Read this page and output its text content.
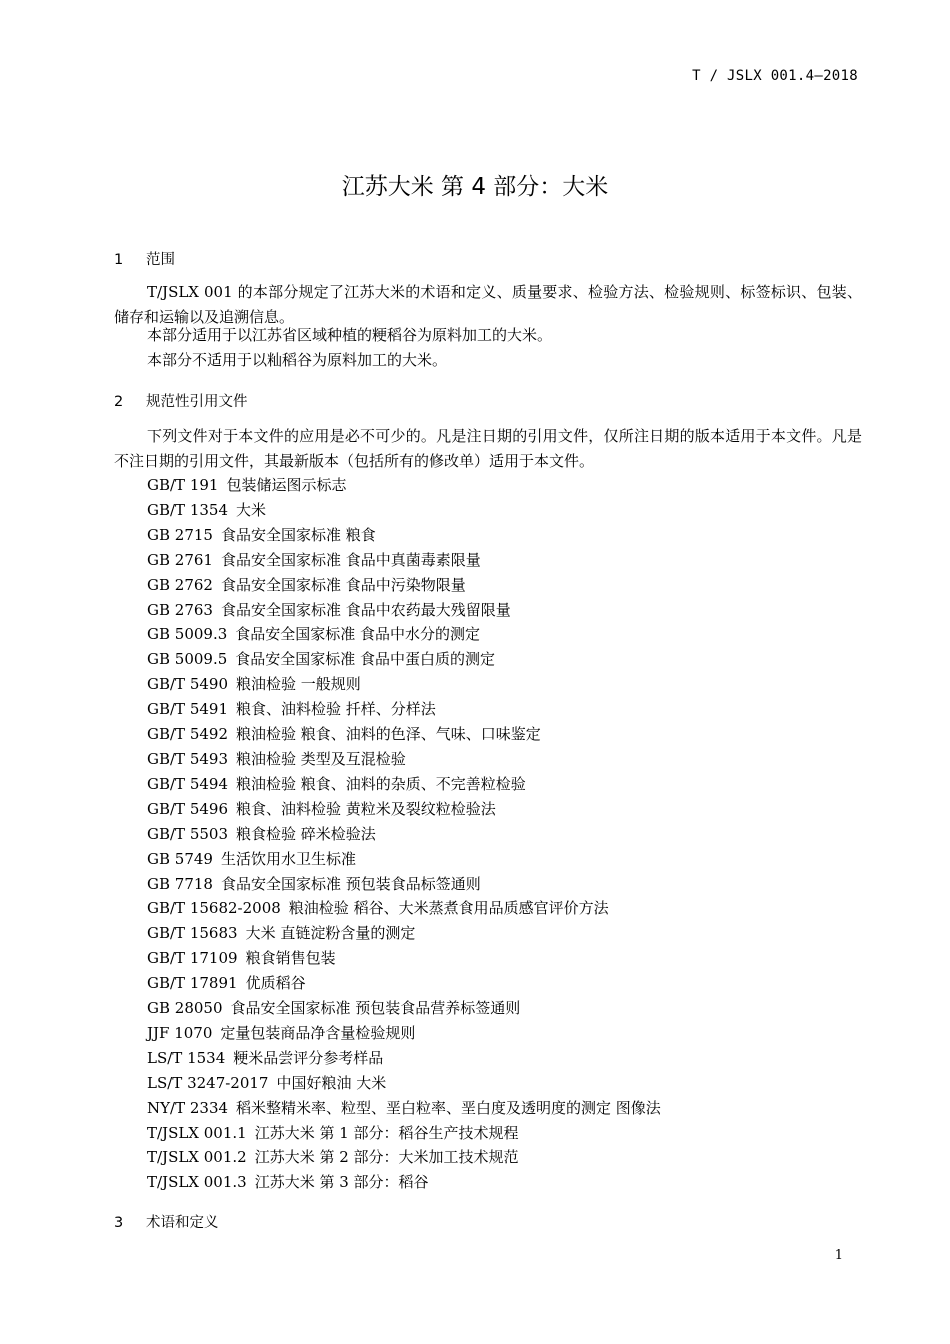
T / JSLX 001.4—2018
江苏大米 第 4 部分：大米
1 范围

T/JSLX 001 的本部分规定了江苏大米的术语和定义、质量要求、检验方法、检验规则、标签标识、包装、储存和运输以及追溯信息。

本部分适用于以江苏省区域种植的粳稻谷为原料加工的大米。

本部分不适用于以籼稻谷为原料加工的大米。

2 规范性引用文件

下列文件对于本文件的应用是必不可少的。凡是注日期的引用文件，仅所注日期的版本适用于本文件。凡是不注日期的引用文件，其最新版本（包括所有的修改单）适用于本文件。

GB/T 191 包装储运图示标志
GB/T 1354 大米
GB 2715 食品安全国家标准 粮食
GB 2761 食品安全国家标准 食品中真菌毒素限量
GB 2762 食品安全国家标准 食品中污染物限量
GB 2763 食品安全国家标准 食品中农药最大残留限量
GB 5009.3 食品安全国家标准 食品中水分的测定
GB 5009.5 食品安全国家标准 食品中蛋白质的测定
GB/T 5490 粮油检验 一般规则
GB/T 5491 粮食、油料检验 扦样、分样法
GB/T 5492 粮油检验 粮食、油料的色泽、气味、口味鉴定
GB/T 5493 粮油检验 类型及互混检验
GB/T 5494 粮油检验 粮食、油料的杂质、不完善粒检验
GB/T 5496 粮食、油料检验 黄粒米及裂纹粒检验法
GB/T 5503 粮食检验 碎米检验法
GB 5749 生活饮用水卫生标准
GB 7718 食品安全国家标准 预包装食品标签通则
GB/T 15682-2008 粮油检验 稻谷、大米蒸煮食用品质感官评价方法
GB/T 15683 大米 直链淀粉含量的测定
GB/T 17109 粮食销售包装
GB/T 17891 优质稻谷
GB 28050 食品安全国家标准 预包装食品营养标签通则
JJF 1070 定量包装商品净含量检验规则
LS/T 1534 粳米品尝评分参考样品
LS/T 3247-2017 中国好粮油 大米
NY/T 2334 稻米整精米率、粒型、垩白粒率、垩白度及透明度的测定 图像法
T/JSLX 001.1 江苏大米 第 1 部分：稻谷生产技术规程
T/JSLX 001.2 江苏大米 第 2 部分：大米加工技术规范
T/JSLX 001.3 江苏大米 第 3 部分：稻谷
3 术语和定义
1
